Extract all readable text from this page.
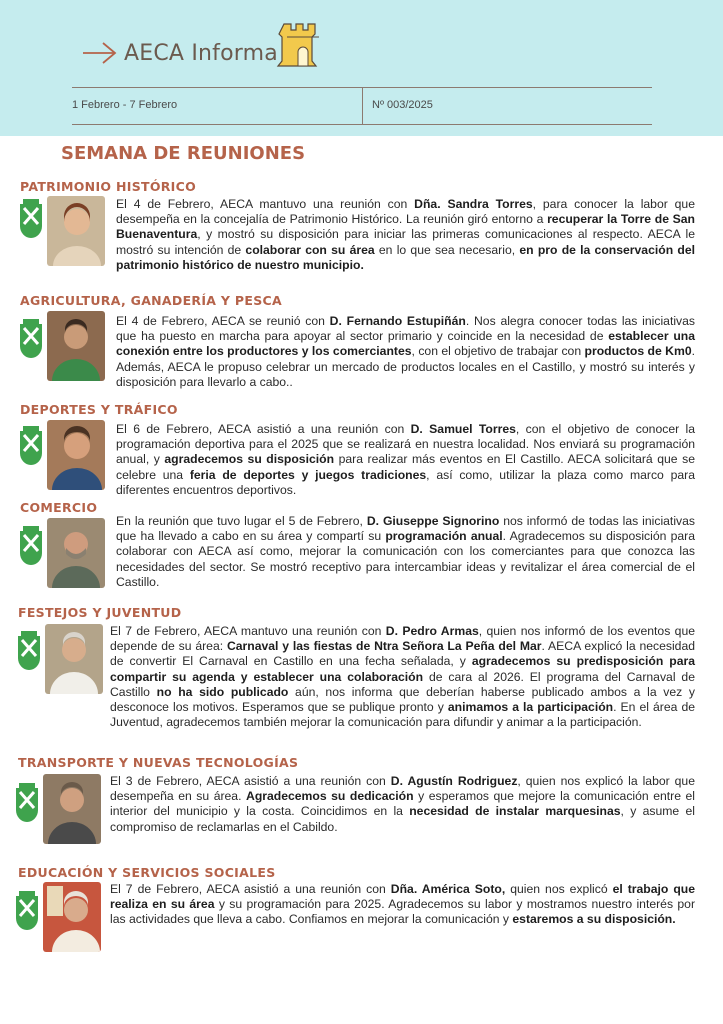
AECA Informa
1 Febrero - 7 Febrero	Nº 003/2025
SEMANA DE REUNIONES
PATRIMONIO HISTÓRICO
El 4 de Febrero, AECA mantuvo una reunión con Dña. Sandra Torres, para conocer la labor que desempeña en la concejalía de Patrimonio Histórico. La reunión giró entorno a recuperar la Torre de San Buenaventura, y mostró su disposición para iniciar las primeras comunicaciones al respecto. AECA le mostró su intención de colaborar con su área en lo que sea necesario, en pro de la conservación del patrimonio histórico de nuestro municipio.
AGRICULTURA, GANADERÍA Y PESCA
El 4 de Febrero, AECA se reunió con D. Fernando Estupiñán. Nos alegra conocer todas las iniciativas que ha puesto en marcha para apoyar al sector primario y coincide en la necesidad de establecer una conexión entre los productores y los comerciantes, con el objetivo de trabajar con productos de Km0. Además, AECA le propuso celebrar un mercado de productos locales en el Castillo, y mostró su interés y disposición para llevarlo a cabo..
DEPORTES Y TRÁFICO
El 6 de Febrero, AECA asistió a una reunión con D. Samuel Torres, con el objetivo de conocer la programación deportiva para el 2025 que se realizará en nuestra localidad. Nos enviará su programación anual, y agradecemos su disposición para realizar más eventos en El Castillo. AECA solicitará que se celebre una feria de deportes y juegos tradiciones, así como, utilizar la plaza como marco para diferentes encuentros deportivos.
COMERCIO
En la reunión que tuvo lugar el 5 de Febrero, D. Giuseppe Signorino nos informó de todas las iniciativas que ha llevado a cabo en su área y compartí su programación anual. Agradecemos su disposición para colaborar con AECA así como, mejorar la comunicación con los comerciantes para que conozca las necesidades del sector. Se mostró receptivo para intercambiar ideas y revitalizar el área comercial de el Castillo.
FESTEJOS Y JUVENTUD
El 7 de Febrero, AECA mantuvo una reunión con D. Pedro Armas, quien nos informó de los eventos que depende de su área: Carnaval y las fiestas de Ntra Señora La Peña del Mar. AECA explicó la necesidad de convertir El Carnaval en Castillo en una fecha señalada, y agradecemos su predisposición para compartir su agenda y establecer una colaboración de cara al 2026. El programa del Carnaval de Castillo no ha sido publicado aún, nos informa que deberían haberse publicado ambos a la vez y desconoce los motivos. Esperamos que se publique pronto y animamos a la participación. En el área de Juventud, agradecemos también mejorar la comunicación para difundir y animar a la participación.
TRANSPORTE Y NUEVAS TECNOLOGÍAS
El 3 de Febrero, AECA asistió a una reunión con D. Agustín Rodriguez, quien nos explicó la labor que desempeña en su área. Agradecemos su dedicación y esperamos que mejore la comunicación entre el interior del municipio y la costa. Coincidimos en la necesidad de instalar marquesinas, y asume el compromiso de reclamarlas en el Cabildo.
EDUCACIÓN Y SERVICIOS SOCIALES
El 7 de Febrero, AECA asistió a una reunión con Dña. América Soto, quien nos explicó el trabajo que realiza en su área y su programación para 2025. Agradecemos su labor y mostramos nuestro interés por las actividades que lleva a cabo. Confiamos en mejorar la comunicación y estaremos a su disposición.
